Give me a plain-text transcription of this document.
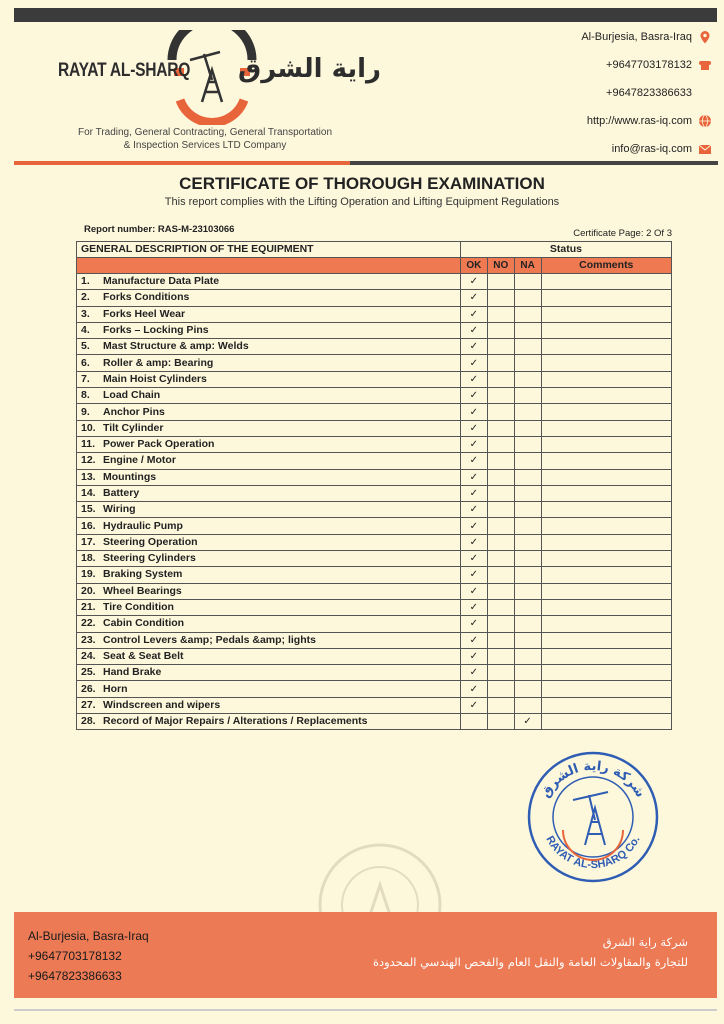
RAYAT AL-SHARQ راية الشرق
For Trading, General Contracting, General Transportation
& Inspection Services LTD Company
Al-Burjesia, Basra-Iraq
+9647703178132
+9647823386633
http://www.ras-iq.com
info@ras-iq.com
CERTIFICATE OF THOROUGH EXAMINATION
This report complies with the Lifting Operation and Lifting Equipment Regulations
Report number: RAS-M-23103066	Certificate Page: 2 Of 3
GENERAL DESCRIPTION OF THE EQUIPMENT	Status			
	OK	NO	NA	Comments
1. Manufacture Data Plate	✓			
2. Forks Conditions	✓			
3. Forks Heel Wear	✓			
4. Forks – Locking Pins	✓			
5. Mast Structure & amp: Welds	✓			
6. Roller & amp: Bearing	✓			
7. Main Hoist Cylinders	✓			
8. Load Chain	✓			
9. Anchor Pins	✓			
10. Tilt Cylinder	✓			
11. Power Pack Operation	✓			
12. Engine / Motor	✓			
13. Mountings	✓			
14. Battery	✓			
15. Wiring	✓			
16. Hydraulic Pump	✓			
17. Steering Operation	✓			
18. Steering Cylinders	✓			
19. Braking System	✓			
20. Wheel Bearings	✓			
21. Tire Condition	✓			
22. Cabin Condition	✓			
23. Control Levers &amp; Pedals &amp; lights	✓			
24. Seat & Seat Belt	✓			
25. Hand Brake	✓			
26. Horn	✓			
27. Windscreen and wipers	✓			
28. Record of Major Repairs / Alterations / Replacements			✓	
شركة راية الشرق
RAYAT AL-SHARQ Co.
Al-Burjesia, Basra-Iraq
+9647703178132
+9647823386633
شركة راية الشرق
للتجارة والمقاولات العامة والنقل العام والفحص الهندسي المحدودة
